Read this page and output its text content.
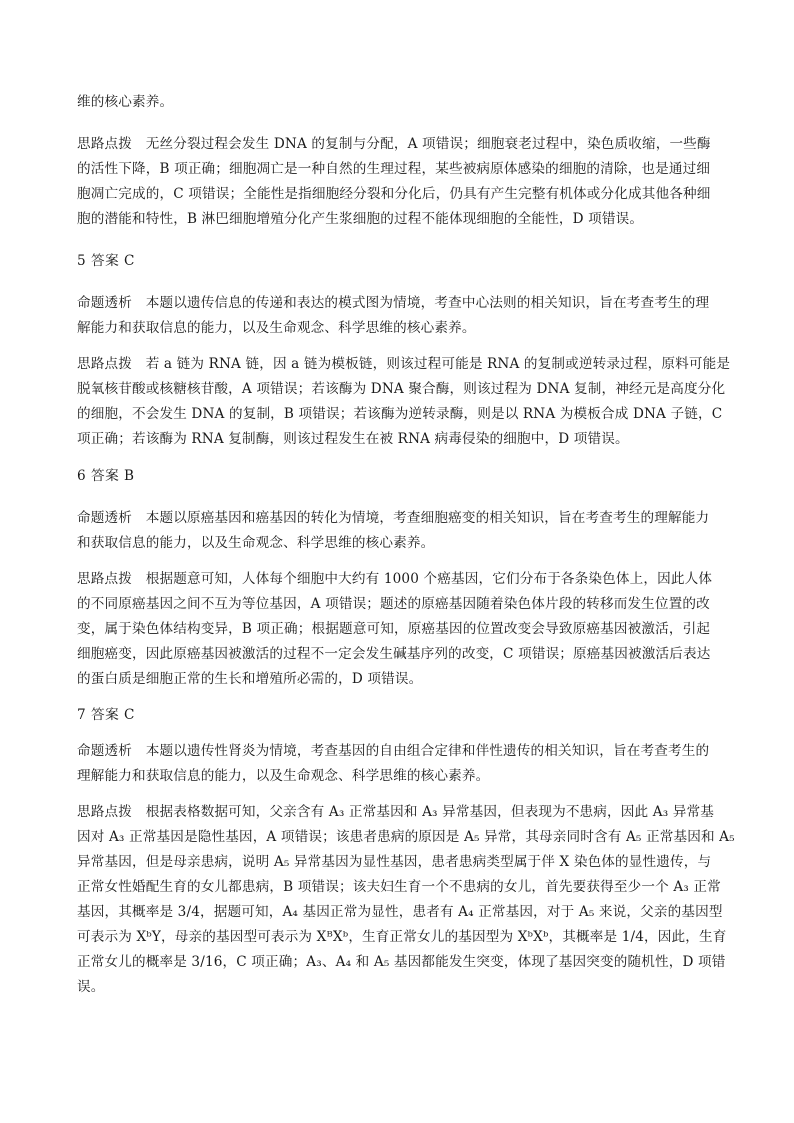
维的核心素养。
思路点拨　无丝分裂过程会发生 DNA 的复制与分配，A 项错误；细胞衰老过程中，染色质收缩，一些酶
的活性下降，B 项正确；细胞凋亡是一种自然的生理过程，某些被病原体感染的细胞的清除，也是通过细
胞凋亡完成的，C 项错误；全能性是指细胞经分裂和分化后，仍具有产生完整有机体或分化成其他各种细
胞的潜能和特性，B 淋巴细胞增殖分化产生浆细胞的过程不能体现细胞的全能性，D 项错误。
5 答案 C
命题透析　本题以遗传信息的传递和表达的模式图为情境，考查中心法则的相关知识，旨在考查考生的理
解能力和获取信息的能力，以及生命观念、科学思维的核心素养。
思路点拨　若 a 链为 RNA 链，因 a 链为模板链，则该过程可能是 RNA 的复制或逆转录过程，原料可能是
脱氧核苷酸或核糖核苷酸，A 项错误；若该酶为 DNA 聚合酶，则该过程为 DNA 复制，神经元是高度分化
的细胞，不会发生 DNA 的复制，B 项错误；若该酶为逆转录酶，则是以 RNA 为模板合成 DNA 子链，C
项正确；若该酶为 RNA 复制酶，则该过程发生在被 RNA 病毒侵染的细胞中，D 项错误。
6 答案 B
命题透析　本题以原癌基因和癌基因的转化为情境，考查细胞癌变的相关知识，旨在考查考生的理解能力
和获取信息的能力，以及生命观念、科学思维的核心素养。
思路点拨　根据题意可知，人体每个细胞中大约有 1000 个癌基因，它们分布于各条染色体上，因此人体
的不同原癌基因之间不互为等位基因，A 项错误；题述的原癌基因随着染色体片段的转移而发生位置的改
变，属于染色体结构变异，B 项正确；根据题意可知，原癌基因的位置改变会导致原癌基因被激活，引起
细胞癌变，因此原癌基因被激活的过程不一定会发生碱基序列的改变，C 项错误；原癌基因被激活后表达
的蛋白质是细胞正常的生长和增殖所必需的，D 项错误。
7 答案 C
命题透析　本题以遗传性肾炎为情境，考查基因的自由组合定律和伴性遗传的相关知识，旨在考查考生的
理解能力和获取信息的能力，以及生命观念、科学思维的核心素养。
思路点拨　根据表格数据可知，父亲含有 A₃ 正常基因和 A₃ 异常基因，但表现为不患病，因此 A₃ 异常基
因对 A₃ 正常基因是隐性基因，A 项错误；该患者患病的原因是 A₅ 异常，其母亲同时含有 A₅ 正常基因和 A₅
异常基因，但是母亲患病，说明 A₅ 异常基因为显性基因，患者患病类型属于伴 X 染色体的显性遗传，与
正常女性婚配生育的女儿都患病，B 项错误；该夫妇生育一个不患病的女儿，首先要获得至少一个 A₃ 正常
基因，其概率是 3/4，据题可知，A₄ 基因正常为显性，患者有 A₄ 正常基因，对于 A₅ 来说，父亲的基因型
可表示为 XᵇY，母亲的基因型可表示为 XᴮXᵇ，生育正常女儿的基因型为 XᵇXᵇ，其概率是 1/4，因此，生育
正常女儿的概率是 3/16，C 项正确；A₃、A₄ 和 A₅ 基因都能发生突变，体现了基因突变的随机性，D 项错
误。
